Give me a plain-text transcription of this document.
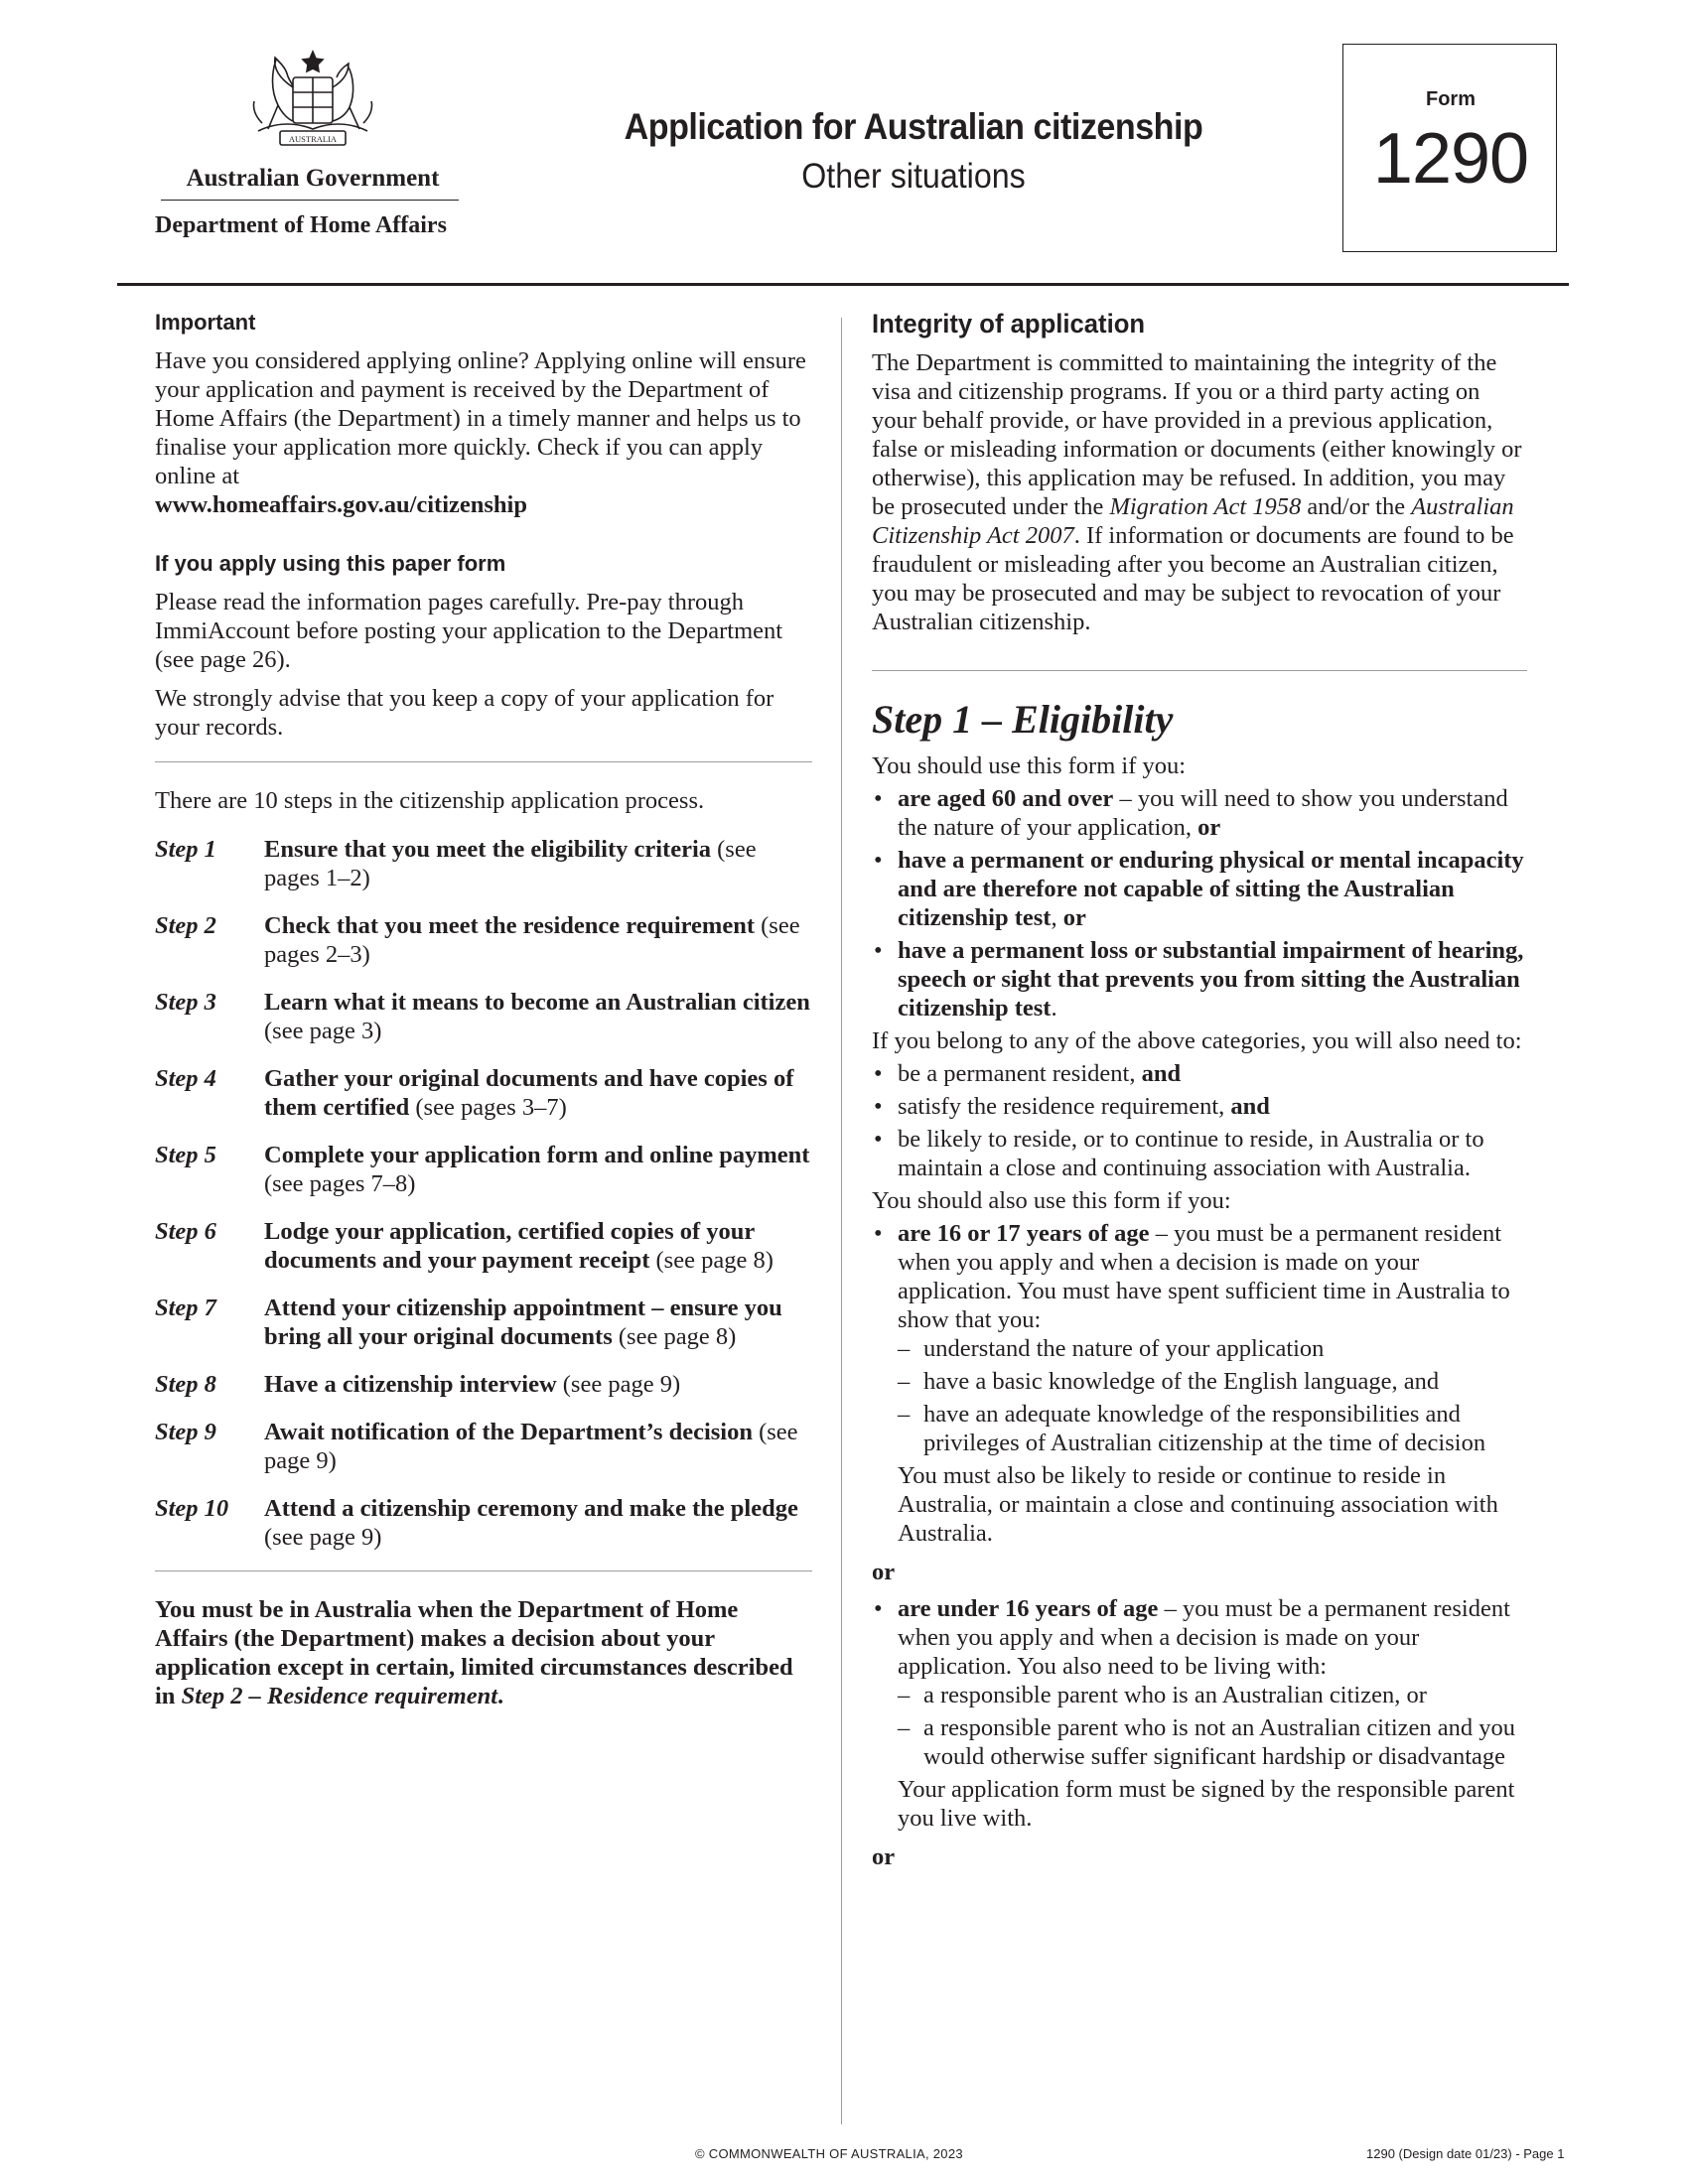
AUSTRALIA
Australian Government
Department of Home Affairs
Application for Australian citizenship
Other situations
Form
1290
Important

Have you considered applying online? Applying online will ensure your application and payment is received by the Department of Home Affairs (the Department) in a timely manner and helps us to finalise your application more quickly. Check if you can apply online at
www.homeaffairs.gov.au/citizenship

If you apply using this paper form

Please read the information pages carefully. Pre-pay through ImmiAccount before posting your application to the Department (see page 26).

We strongly advise that you keep a copy of your application for your records.

There are 10 steps in the citizenship application process.
Step 1	Ensure that you meet the eligibility criteria (see pages 1–2)
Step 2	Check that you meet the residence requirement (see pages 2–3)
Step 3	Learn what it means to become an Australian citizen (see page 3)
Step 4	Gather your original documents and have copies of them certified (see pages 3–7)
Step 5	Complete your application form and online payment (see pages 7–8)
Step 6	Lodge your application, certified copies of your documents and your payment receipt (see page 8)
Step 7	Attend your citizenship appointment – ensure you bring all your original documents (see page 8)
Step 8	Have a citizenship interview (see page 9)
Step 9	Await notification of the Department’s decision (see page 9)
Step 10	Attend a citizenship ceremony and make the pledge (see page 9)

You must be in Australia when the Department of Home Affairs (the Department) makes a decision about your application except in certain, limited circumstances described in Step 2 – Residence requirement.

Integrity of application

The Department is committed to maintaining the integrity of the visa and citizenship programs. If you or a third party acting on your behalf provide, or have provided in a previous application, false or misleading information or documents (either knowingly or otherwise), this application may be refused. In addition, you may be prosecuted under the Migration Act 1958 and/or the Australian Citizenship Act 2007. If information or documents are found to be fraudulent or misleading after you become an Australian citizen, you may be prosecuted and may be subject to revocation of your Australian citizenship.

Step 1 – Eligibility

You should use this form if you:

• are aged 60 and over – you will need to show you understand the nature of your application, or
• have a permanent or enduring physical or mental incapacity and are therefore not capable of sitting the Australian citizenship test, or
• have a permanent loss or substantial impairment of hearing, speech or sight that prevents you from sitting the Australian citizenship test.

If you belong to any of the above categories, you will also need to:

• be a permanent resident, and
• satisfy the residence requirement, and
• be likely to reside, or to continue to reside, in Australia or to maintain a close and continuing association with Australia.

You should also use this form if you:

• are 16 or 17 years of age – you must be a permanent resident when you apply and when a decision is made on your application. You must have spent sufficient time in Australia to show that you:
– understand the nature of your application
– have a basic knowledge of the English language, and
– have an adequate knowledge of the responsibilities and privileges of Australian citizenship at the time of decision

You must also be likely to reside or continue to reside in Australia, or maintain a close and continuing association with Australia.

or
• are under 16 years of age – you must be a permanent resident when you apply and when a decision is made on your application. You also need to be living with:
– a responsible parent who is an Australian citizen, or
– a responsible parent who is not an Australian citizen and you would otherwise suffer significant hardship or disadvantage

Your application form must be signed by the responsible parent you live with.

or
© COMMONWEALTH OF AUSTRALIA, 2023	1290 (Design date 01/23) - Page 1
